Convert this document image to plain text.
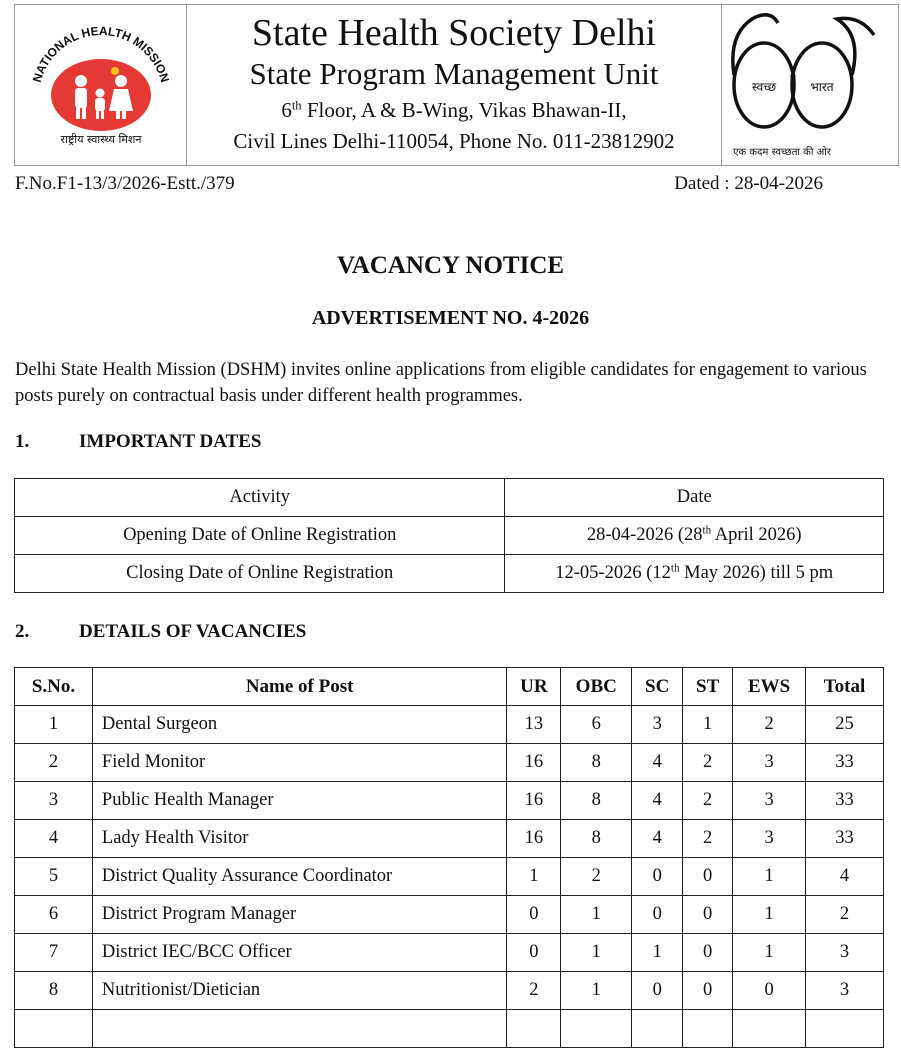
NATIONAL HEALTH MISSION
राष्ट्रीय स्वास्थ्य मिशन
State Health Society Delhi
State Program Management Unit
6th Floor, A & B-Wing, Vikas Bhawan-II,
Civil Lines Delhi-110054, Phone No. 011-23812902
स्वच्छ	भारत
एक कदम स्वच्छता की ओर
F.No.F1-13/3/2026-Estt./379	Dated : 28-04-2026
VACANCY NOTICE
ADVERTISEMENT NO. 4-2026
Delhi State Health Mission (DSHM) invites online applications from eligible candidates for engagement to various posts purely on contractual basis under different health programmes.
1.	IMPORTANT DATES
Activity	Date
Opening Date of Online Registration	28-04-2026 (28th April 2026)
Closing Date of Online Registration	12-05-2026 (12th May 2026) till 5 pm
2.	DETAILS OF VACANCIES
S.No.	Name of Post	UR	OBC	SC	ST	EWS	Total
1	Dental Surgeon	13	6	3	1	2	25
2	Field Monitor	16	8	4	2	3	33
3	Public Health Manager	16	8	4	2	3	33
4	Lady Health Visitor	16	8	4	2	3	33
5	District Quality Assurance Coordinator	1	2	0	0	1	4
6	District Program Manager	0	1	0	0	1	2
7	District IEC/BCC Officer	0	1	1	0	1	3
8	Nutritionist/Dietician	2	1	0	0	0	3
